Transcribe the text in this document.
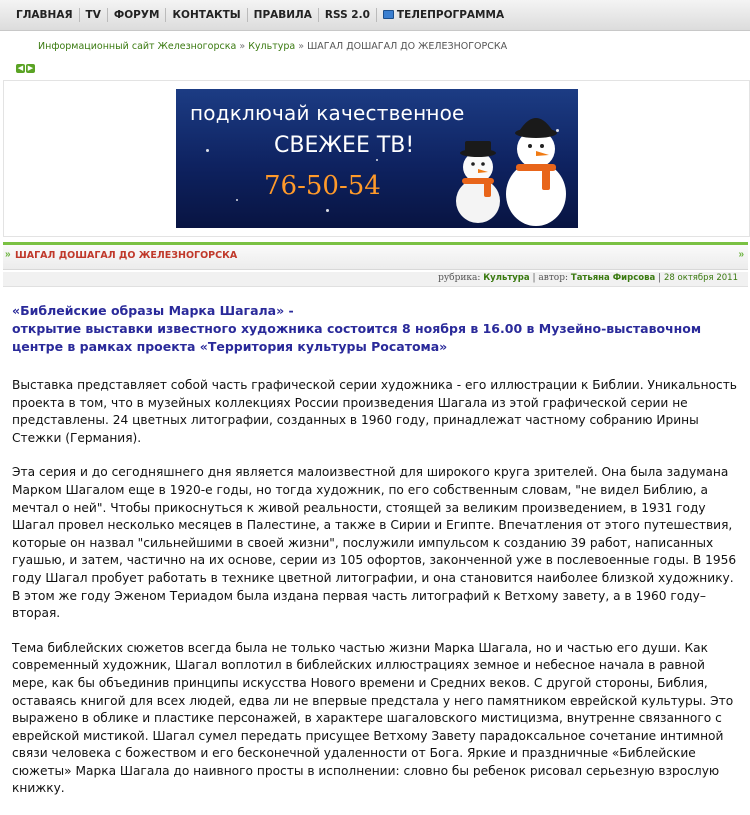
ГЛАВНАЯ	TV	ФОРУМ	КОНТАКТЫ	ПРАВИЛА	RSS 2.0	ТЕЛЕПРОГРАММА
Информационный сайт Железногорска » Культура » ШАГАЛ ДОШАГАЛ ДО ЖЕЛЕЗНОГОРСКА
◀ ▶
подключай качественное
СВЕЖЕЕ ТВ!
76-50-54
» ШАГАЛ ДОШАГАЛ ДО ЖЕЛЕЗНОГОРСКА	»
рубрика: Культура | автор: Татьяна Фирсова | 28 октября 2011
«Библейские образы Марка Шагала» -
открытие выставки известного художника состоится 8 ноября в 16.00 в Музейно-выставочном центре в рамках проекта «Территория культуры Росатома»

Выставка представляет собой часть графической серии художника - его иллюстрации к Библии. Уникальность проекта в том, что в музейных коллекциях России произведения Шагала из этой графической серии не представлены. 24 цветных литографии, созданных в 1960 году, принадлежат частному собранию Ирины Стежки (Германия).

Эта серия и до сегодняшнего дня является малоизвестной для широкого круга зрителей. Она была задумана Марком Шагалом еще в 1920-е годы, но тогда художник, по его собственным словам, "не видел Библию, а мечтал о ней". Чтобы прикоснуться к живой реальности, стоящей за великим произведением, в 1931 году Шагал провел несколько месяцев в Палестине, а также в Сирии и Египте. Впечатления от этого путешествия, которые он назвал "сильнейшими в своей жизни", послужили импульсом к созданию 39 работ, написанных гуашью, и затем, частично на их основе, серии из 105 офортов, законченной уже в послевоенные годы. В 1956 году Шагал пробует работать в технике цветной литографии, и она становится наиболее близкой художнику. В этом же году Эженом Териадом была издана первая часть литографий к Ветхому завету, а в 1960 году– вторая.

Тема библейских сюжетов всегда была не только частью жизни Марка Шагала, но и частью его души. Как современный художник, Шагал воплотил в библейских иллюстрациях земное и небесное начала в равной мере, как бы объединив принципы искусства Нового времени и Средних веков. С другой стороны, Библия, оставаясь книгой для всех людей, едва ли не впервые предстала у него памятником еврейской культуры. Это выражено в облике и пластике персонажей, в характере шагаловского мистицизма, внутренне связанного с еврейской мистикой. Шагал сумел передать присущее Ветхому Завету парадоксальное сочетание интимной связи человека с божеством и его бесконечной удаленности от Бога. Яркие и праздничные «Библейские сюжеты» Марка Шагала до наивного просты в исполнении: словно бы ребенок рисовал серьезную взрослую книжку.
